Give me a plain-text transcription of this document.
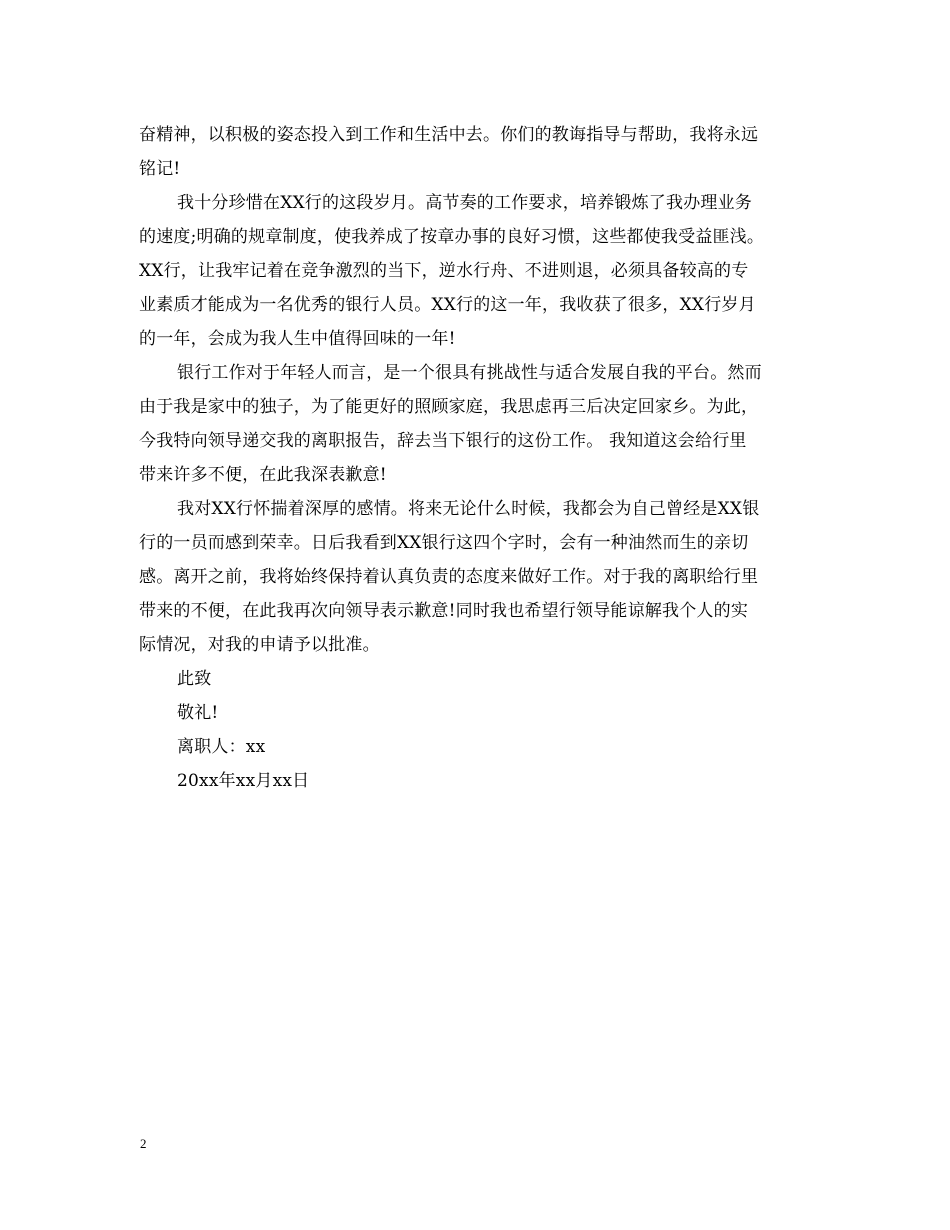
奋精神，以积极的姿态投入到工作和生活中去。你们的教诲指导与帮助，我将永远
铭记!
我十分珍惜在XX行的这段岁月。高节奏的工作要求，培养锻炼了我办理业务
的速度;明确的规章制度，使我养成了按章办事的良好习惯，这些都使我受益匪浅。
XX行，让我牢记着在竞争激烈的当下，逆水行舟、不进则退，必须具备较高的专
业素质才能成为一名优秀的银行人员。XX行的这一年，我收获了很多，XX行岁月
的一年，会成为我人生中值得回味的一年!
银行工作对于年轻人而言，是一个很具有挑战性与适合发展自我的平台。然而
由于我是家中的独子，为了能更好的照顾家庭，我思虑再三后决定回家乡。为此，
今我特向领导递交我的离职报告，辞去当下银行的这份工作。 我知道这会给行里
带来许多不便，在此我深表歉意!
我对XX行怀揣着深厚的感情。将来无论什么时候，我都会为自己曾经是XX银
行的一员而感到荣幸。日后我看到XX银行这四个字时，会有一种油然而生的亲切
感。离开之前，我将始终保持着认真负责的态度来做好工作。对于我的离职给行里
带来的不便，在此我再次向领导表示歉意!同时我也希望行领导能谅解我个人的实
际情况，对我的申请予以批准。
此致
敬礼!
离职人：xx
20xx年xx月xx日
2
